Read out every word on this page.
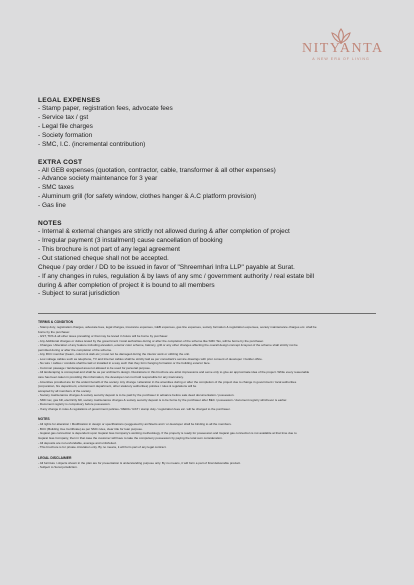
NITYANTA
A NEW ERA OF LIVING
LEGAL EXPENSES
- Stamp paper, registration fees, advocate fees
- Service tax / gst
- Legal file charges
- Society formation
- SMC, I.C. (incremental contribution)
EXTRA COST
- All GEB expenses (quotation, contractor, cable, transformer & all other expenses)
- Advance society maintenance for 3 year
- SMC taxes
- Aluminum grill (for safety window, clothes hanger & A.C platform provision)
- Gas line
NOTES
- Internal & external changes are strictly not allowed during & after completion of project
- Irregular payment (3 installment) cause cancellation of booking
- This brochure is not part of any legal agreement
- Out stationed cheque shall not be accepted.
Cheque / pay order / DD to be issued in favor of "Shreemhari Infra LLP" payable at Surat.
- If any changes in rules, regulation & by laws of any smc / government authority / real estate bill
during & after completion of project it is bound to all members
- Subject to surat jurisdiction
TERMS & CONDITION
- Stamp duty, registration charges, advocate fees, legal charges, insurance expenses, GEB expenses, gas line expenses, society formation & registration expenses, society maintenance charges etc. shall be
borne by the purchaser.
- GST, TDS & all other taxes prevailing or that may be levied in future will be borne by purchaser.
- Any Additional charges or duties levied by the government / local authorities during or after the completion of the scheme like SMC Tax, will be borne by the purchaser.
- Changes / Alteration of any feature including elevation, exterior color scheme, balcony, grill or any other changes affecting the overall design concept & layout of the scheme shall strictly not be
permitted during or after the completion of the scheme.
- Any RCC member (beam, column & slab etc.) must not be damaged during the interior work or utilizing the unit.
- Low voltage cables such as telephone, TV and Internet cables shall be strictly laid as per consultant's service drawings with prior consent of developer / builder office.
- No wire / cables / conduits shall be laid or installed in a way such that they form hanging formation or the building exterior face.
- Common passage / landscaped area not allowed to be used for personal purpose.
- All landscaping is conceptual and shall be as per architect's design. Illustrations in this brochure are artist impressions and serve only to give an approximate idea of the project. While every reasonable
care has been taken in providing this information, the developer can not hold responsible for any inaccuracy.
- Amenities provided are for the ardent benefit of the society. Any change / alteration in the amenities during or after the completion of the project due to change in government / local authorities
(corporation, fire department, environment department, other statutory authorities) policies / rules & regulations will be
accepted by all members of the society.
- Society maintenance charges & society security deposit is to be paid by the purchaser in advance before sale deed documentation / possession.
- SMC tax, gas bill, electricity bill, society maintenance charges & society security deposit is to be borne by the purchaser after BEC / possession / document registry whichever is earlier.
- Document registry is compulsory before possession.
- If any change in rules & regulations of government policies / RERA / GST / stamp duty / registration fees etc. will be charged to the purchaser.
NOTES
- All rights for alteration / Modification in design or specifications (suggested by architects and / or developer shall be binding to all the members.
- BUC (Building Use Certificate) as per SMC rules, clear title for loan purpose.
- Gujarat gas connection is dependent upon Gujarat Gas Company's working methodology. If the property is ready for possession and Gujarat gas connection is not available at that time due to
Gujarat Gas Company, then in that case the customer will have to take the compulsory possession by paying the total sum consideration.
- All deposits are non-refundable, average and unforfeited.
- This brochure is for private circulation only. By no means, it will form part of any legal contract.
LEGAL DISCLAIMER
- All furniture / objects shown in the plan are for presentation & understanding purpose only. By no means, it will form a part of final deliverable product.
- Subject to Surat jurisdiction.
